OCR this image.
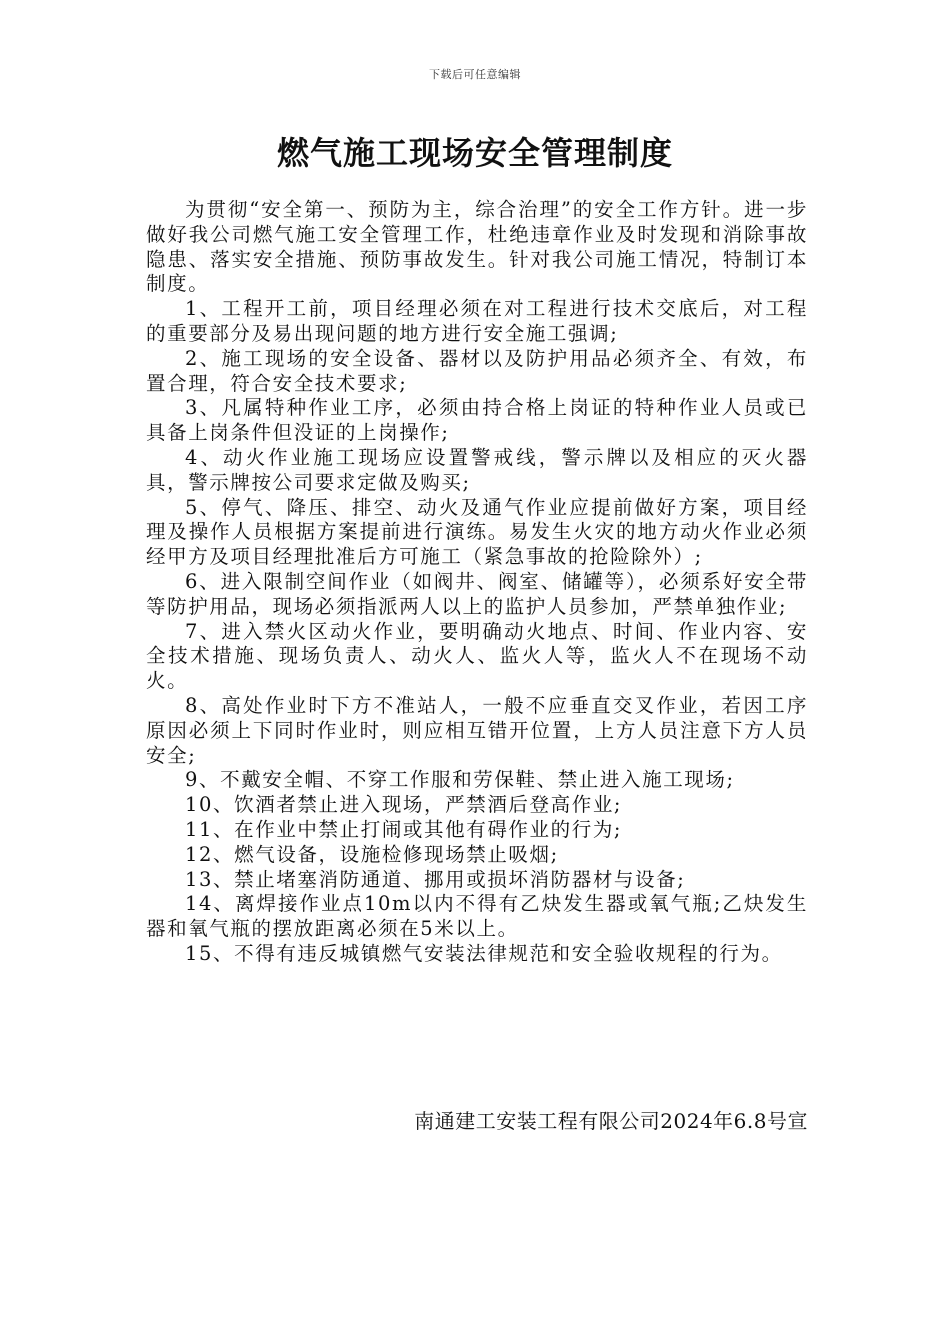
下载后可任意编辑
燃气施工现场安全管理制度

为贯彻“安全第一、预防为主，综合治理”的安全工作方针。进一步做好我公司燃气施工安全管理工作，杜绝违章作业及时发现和消除事故隐患、落实安全措施、预防事故发生。针对我公司施工情况，特制订本制度。

1、工程开工前，项目经理必须在对工程进行技术交底后，对工程的重要部分及易出现问题的地方进行安全施工强调;

2、施工现场的安全设备、器材以及防护用品必须齐全、有效，布置合理，符合安全技术要求;

3、凡属特种作业工序，必须由持合格上岗证的特种作业人员或已具备上岗条件但没证的上岗操作;

4、动火作业施工现场应设置警戒线，警示牌以及相应的灭火器具，警示牌按公司要求定做及购买;

5、停气、降压、排空、动火及通气作业应提前做好方案，项目经理及操作人员根据方案提前进行演练。易发生火灾的地方动火作业必须经甲方及项目经理批准后方可施工（紧急事故的抢险除外）;

6、进入限制空间作业（如阀井、阀室、储罐等），必须系好安全带等防护用品，现场必须指派两人以上的监护人员参加，严禁单独作业;

7、进入禁火区动火作业，要明确动火地点、时间、作业内容、安全技术措施、现场负责人、动火人、监火人等，监火人不在现场不动火。

8、高处作业时下方不准站人，一般不应垂直交叉作业，若因工序原因必须上下同时作业时，则应相互错开位置，上方人员注意下方人员安全;

9、不戴安全帽、不穿工作服和劳保鞋、禁止进入施工现场;

10、饮酒者禁止进入现场，严禁酒后登高作业;

11、在作业中禁止打闹或其他有碍作业的行为;

12、燃气设备，设施检修现场禁止吸烟;

13、禁止堵塞消防通道、挪用或损坏消防器材与设备;

14、离焊接作业点10m以内不得有乙炔发生器或氧气瓶;乙炔发生器和氧气瓶的摆放距离必须在5米以上。

15、不得有违反城镇燃气安装法律规范和安全验收规程的行为。

南通建工安装工程有限公司2024年6.8号宣
